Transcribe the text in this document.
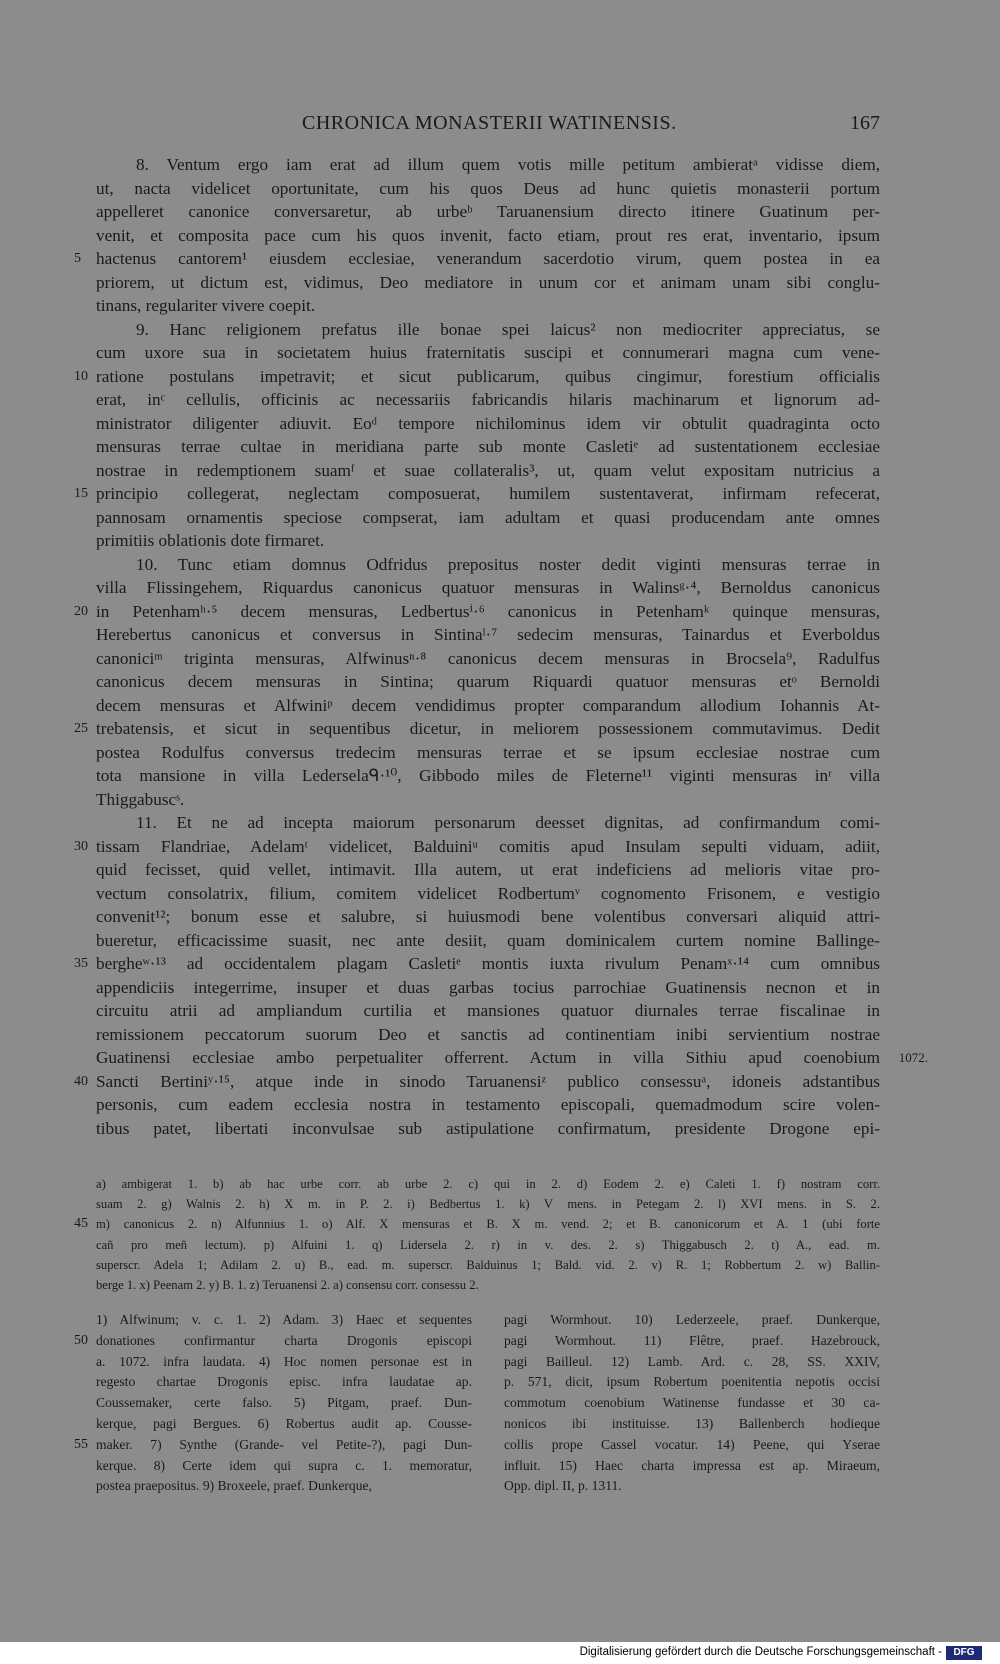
CHRONICA MONASTERII WATINENSIS.	167
8. Ventum ergo iam erat ad illum quem votis mille petitum ambieratᵃ vidisse diem,
ut, nacta videlicet oportunitate, cum his quos Deus ad hunc quietis monasterii portum
appelleret canonice conversaretur, ab urbeᵇ Taruanensium directo itinere Guatinum per-
venit, et composita pace cum his quos invenit, facto etiam, prout res erat, inventario, ipsum
5 hactenus cantorem¹ eiusdem ecclesiae, venerandum sacerdotio virum, quem postea in ea
priorem, ut dictum est, vidimus, Deo mediatore in unum cor et animam unam sibi conglu-
tinans, regulariter vivere coepit.
9. Hanc religionem prefatus ille bonae spei laicus² non mediocriter appreciatus, se
cum uxore sua in societatem huius fraternitatis suscipi et connumerari magna cum vene-
10 ratione postulans impetravit; et sicut publicarum, quibus cingimur, forestium officialis
erat, inᶜ cellulis, officinis ac necessariis fabricandis hilaris machinarum et lignorum ad-
ministrator diligenter adiuvit. Eoᵈ tempore nichilominus idem vir obtulit quadraginta octo
mensuras terrae cultae in meridiana parte sub monte Casletiᵉ ad sustentationem ecclesiae
nostrae in redemptionem suamᶠ et suae collateralis³, ut, quam velut expositam nutricius a
15 principio collegerat, neglectam composuerat, humilem sustentaverat, infirmam refecerat,
pannosam ornamentis speciose compserat, iam adultam et quasi producendam ante omnes
primitiis oblationis dote firmaret.
10. Tunc etiam domnus Odfridus prepositus noster dedit viginti mensuras terrae in
villa Flissingehem, Riquardus canonicus quatuor mensuras in Walinsᵍ·⁴, Bernoldus canonicus
20 in Petenhamʰ·⁵ decem mensuras, Ledbertusⁱ·⁶ canonicus in Petenhamᵏ quinque mensuras,
Herebertus canonicus et conversus in Sintinaˡ·⁷ sedecim mensuras, Tainardus et Everboldus
canoniciᵐ triginta mensuras, Alfwinusⁿ·⁸ canonicus decem mensuras in Brocsela⁹, Radulfus
canonicus decem mensuras in Sintina; quarum Riquardi quatuor mensuras etᵒ Bernoldi
decem mensuras et Alfwiniᵖ decem vendidimus propter comparandum allodium Iohannis At-
25 trebatensis, et sicut in sequentibus dicetur, in meliorem possessionem commutavimus. Dedit
postea Rodulfus conversus tredecim mensuras terrae et se ipsum ecclesiae nostrae cum
tota mansione in villa Lederselaᑫ·¹⁰, Gibbodo miles de Fleterne¹¹ viginti mensuras inʳ villa
Thiggabuscˢ.
11. Et ne ad incepta maiorum personarum deesset dignitas, ad confirmandum comi-
30 tissam Flandriae, Adelamᵗ videlicet, Balduiniᵘ comitis apud Insulam sepulti viduam, adiit,
quid fecisset, quid vellet, intimavit. Illa autem, ut erat indeficiens ad melioris vitae pro-
vectum consolatrix, filium, comitem videlicet Rodbertumᵛ cognomento Frisonem, e vestigio
convenit¹²; bonum esse et salubre, si huiusmodi bene volentibus conversari aliquid attri-
bueretur, efficacissime suasit, nec ante desiit, quam dominicalem curtem nomine Ballinge-
35 bergheʷ·¹³ ad occidentalem plagam Casletiᵉ montis iuxta rivulum Penamˣ·¹⁴ cum omnibus
appendiciis integerrime, insuper et duas garbas tocius parrochiae Guatinensis necnon et in
circuitu atrii ad ampliandum curtilia et mansiones quatuor diurnales terrae fiscalinae in
remissionem peccatorum suorum Deo et sanctis ad continentiam inibi servientium nostrae
Guatinensi ecclesiae ambo perpetualiter offerrent. Actum in villa Sithiu apud coenobium 1072.
40 Sancti Bertiniʸ·¹⁵, atque inde in sinodo Taruanensiᶻ publico consessuᵃ, idoneis adstantibus
personis, cum eadem ecclesia nostra in testamento episcopali, quemadmodum scire volen-
tibus patet, libertati inconvulsae sub astipulatione confirmatum, presidente Drogone epi-
a) ambigerat 1. b) ab hac urbe corr. ab urbe 2. c) qui in 2. d) Eodem 2. e) Caleti 1. f) nostram corr.
suam 2. g) Walnis 2. h) X m. in P. 2. i) Bedbertus 1. k) V mens. in Petegam 2. l) XVI mens. in S. 2.
45 m) canonicus 2. n) Alfunnius 1. o) Alf. X mensuras et B. X m. vend. 2; et B. canonicorum et A. 1 (ubi forte
cañ pro meñ lectum). p) Alfuini 1. q) Lidersela 2. r) in v. des. 2. s) Thiggabusch 2. t) A., ead. m.
superscr. Adela 1; Adilam 2. u) B., ead. m. superscr. Balduinus 1; Bald. vid. 2. v) R. 1; Robbertum 2. w) Ballin-
berge 1. x) Peenam 2. y) B. 1. z) Teruanensi 2. a) consensu corr. consessu 2.
1) Alfwinum; v. c. 1. 2) Adam. 3) Haec et sequentes
50 donationes confirmantur charta Drogonis episcopi
a. 1072. infra laudata. 4) Hoc nomen personae est in
regesto chartae Drogonis episc. infra laudatae ap.
Coussemaker, certe falso. 5) Pitgam, praef. Dun-
kerque, pagi Bergues. 6) Robertus audit ap. Cousse-
55 maker. 7) Synthe (Grande- vel Petite-?), pagi Dun-
kerque. 8) Certe idem qui supra c. 1. memoratur,
postea praepositus. 9) Broxeele, praef. Dunkerque,
pagi Wormhout. 10) Lederzeele, praef. Dunkerque,
pagi Wormhout. 11) Flêtre, praef. Hazebrouck,
pagi Bailleul. 12) Lamb. Ard. c. 28, SS. XXIV,
p. 571, dicit, ipsum Robertum poenitentia nepotis occisi
commotum coenobium Watinense fundasse et 30 ca-
nonicos ibi instituisse. 13) Ballenberch hodieque
collis prope Cassel vocatur. 14) Peene, qui Yserae
influit. 15) Haec charta impressa est ap. Miraeum,
Opp. dipl. II, p. 1311.
Digitalisierung gefördert durch die Deutsche Forschungsgemeinschaft -	DFG
